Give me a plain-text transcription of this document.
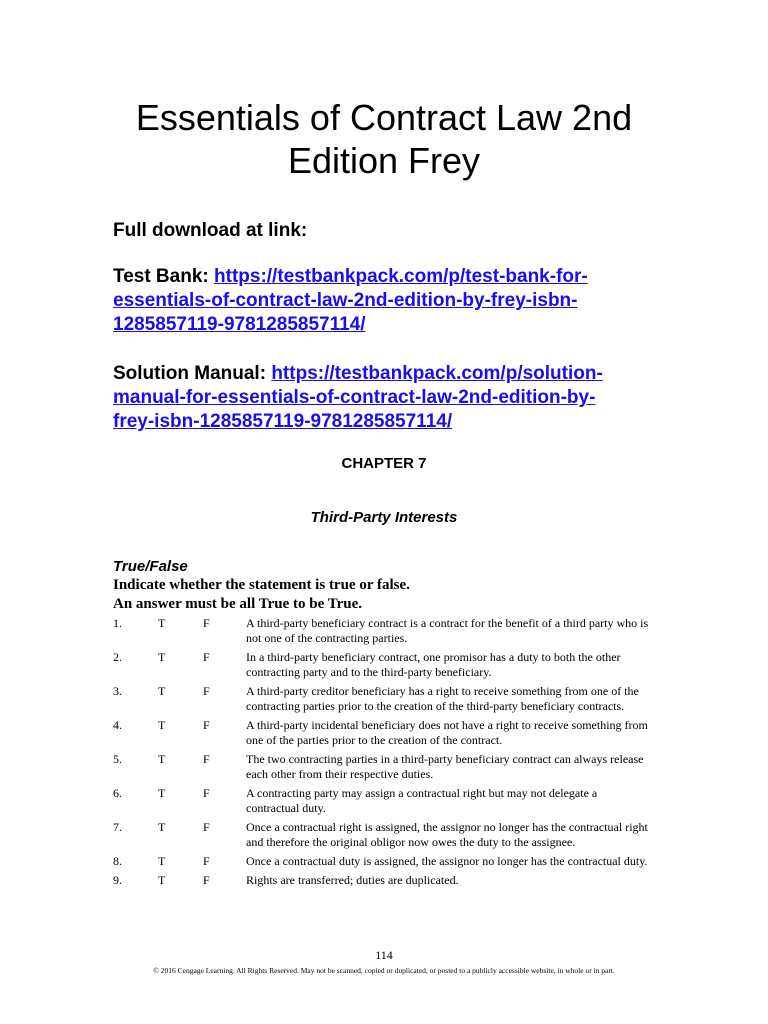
Essentials of Contract Law 2nd
Edition Frey
Full download at link:
Test Bank: https://testbankpack.com/p/test-bank-for-
essentials-of-contract-law-2nd-edition-by-frey-isbn-
1285857119-9781285857114/
Solution Manual: https://testbankpack.com/p/solution-
manual-for-essentials-of-contract-law-2nd-edition-by-
frey-isbn-1285857119-9781285857114/
CHAPTER 7
Third-Party Interests
True/False
Indicate whether the statement is true or false.
An answer must be all True to be True.
1.	T	F	A third-party beneficiary contract is a contract for the benefit of a third party who is not one of the contracting parties.
2.	T	F	In a third-party beneficiary contract, one promisor has a duty to both the other contracting party and to the third-party beneficiary.
3.	T	F	A third-party creditor beneficiary has a right to receive something from one of the contracting parties prior to the creation of the third-party beneficiary contracts.
4.	T	F	A third-party incidental beneficiary does not have a right to receive something from one of the parties prior to the creation of the contract.
5.	T	F	The two contracting parties in a third-party beneficiary contract can always release each other from their respective duties.
6.	T	F	A contracting party may assign a contractual right but may not delegate a contractual duty.
7.	T	F	Once a contractual right is assigned, the assignor no longer has the contractual right and therefore the original obligor now owes the duty to the assignee.
8.	T	F	Once a contractual duty is assigned, the assignor no longer has the contractual duty.
9.	T	F	Rights are transferred; duties are duplicated.
114
© 2016 Cengage Learning. All Rights Reserved. May not be scanned, copied or duplicated, or posted to a publicly accessible website, in whole or in part.
